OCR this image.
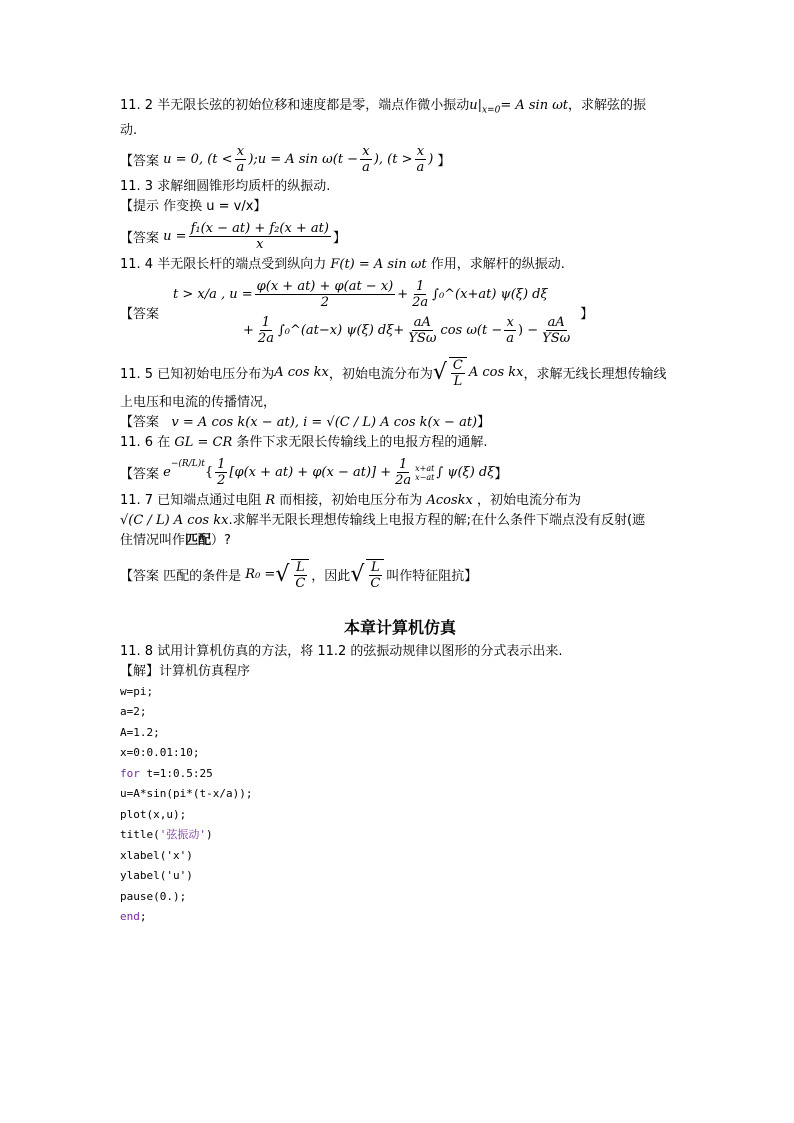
11. 2 半无限长弦的初始位移和速度都是零，端点作微小振动$u|_{x=0}= A$ sin ωt，求解弦的振
动.

【答案
u = 0, ($t < \frac{x}{a}$ );u = A $\sin \omega(t - \frac{x}{a}$ ), ($t > \frac{x}{a}$ )
】

11. 3 求解细圆锥形均质杆的纵振动.
【提示 作变换 u = v/x】

【答案
$u = \frac{\text{f₁(x − at) + f₂(x + at)}}{x}$ 】

11. 4 半无限长杆的端点受到纵向力 F(t) = A sin ωt 作用，求解杆的纵振动.

【答案
t > x/a , $u = \frac{\varphi(x + at) + \varphi(at - x)}{2} + \frac{1}{2a}$ ∫₀^(x+at) ψ(ξ) dξ
+ $\frac{1}{2a}$ ∫₀^(at−x) ψ(ξ) $d\xi + \frac{aA}{\text{YSω}}$ $\cos \omega(t - \frac{x}{a}$ ) − $\frac{aA}{\text{YSω}}$
】
11. 5 已知初始电压分布为 A cos kx ，初始电流分布为 √ $\frac{C}{L}$ A cos kx ，求解无线长理想传输线

上电压和电流的传播情况，

【答案 v = A cos k(x − at), i = √(C / L) A cos k(x − at)】

11. 6 在 GL = CR 条件下求无限长传输线上的电报方程的通解.

【答案
e
$^{-(R/L)t}$
{ $\frac{1}{2} [\varphi(x + at) + \varphi(x - at)] + \frac{1}{2a} x+at$
x−at ∫ ψ(ξ) dξ 】

11. 7 已知端点通过电阻 R 而相接，初始电压分布为 Acoskx ，初始电流分布为
√(C / L) A cos kx.求解半无限长理想传输线上电报方程的解;在什么条件下端点没有反射(遮
住情况叫作匹配）?

【答案 匹配的条件是
R₀ = √ $\frac{L}{C}$ ，因此 √ $\frac{L}{C}$ 叫作特征阻抗】
本章计算机仿真

11. 8 试用计算机仿真的方法，将 11.2 的弦振动规律以图形的分式表示出来.
【解】计算机仿真程序

w=pi;
a=2;
A=1.2;
x=0:0.01:10;
for t=1:0.5:25
u=A*sin(pi*(t-x/a));
plot(x,u);
title('弦振动')
xlabel('x')
ylabel('u')
pause(0.);
end;
